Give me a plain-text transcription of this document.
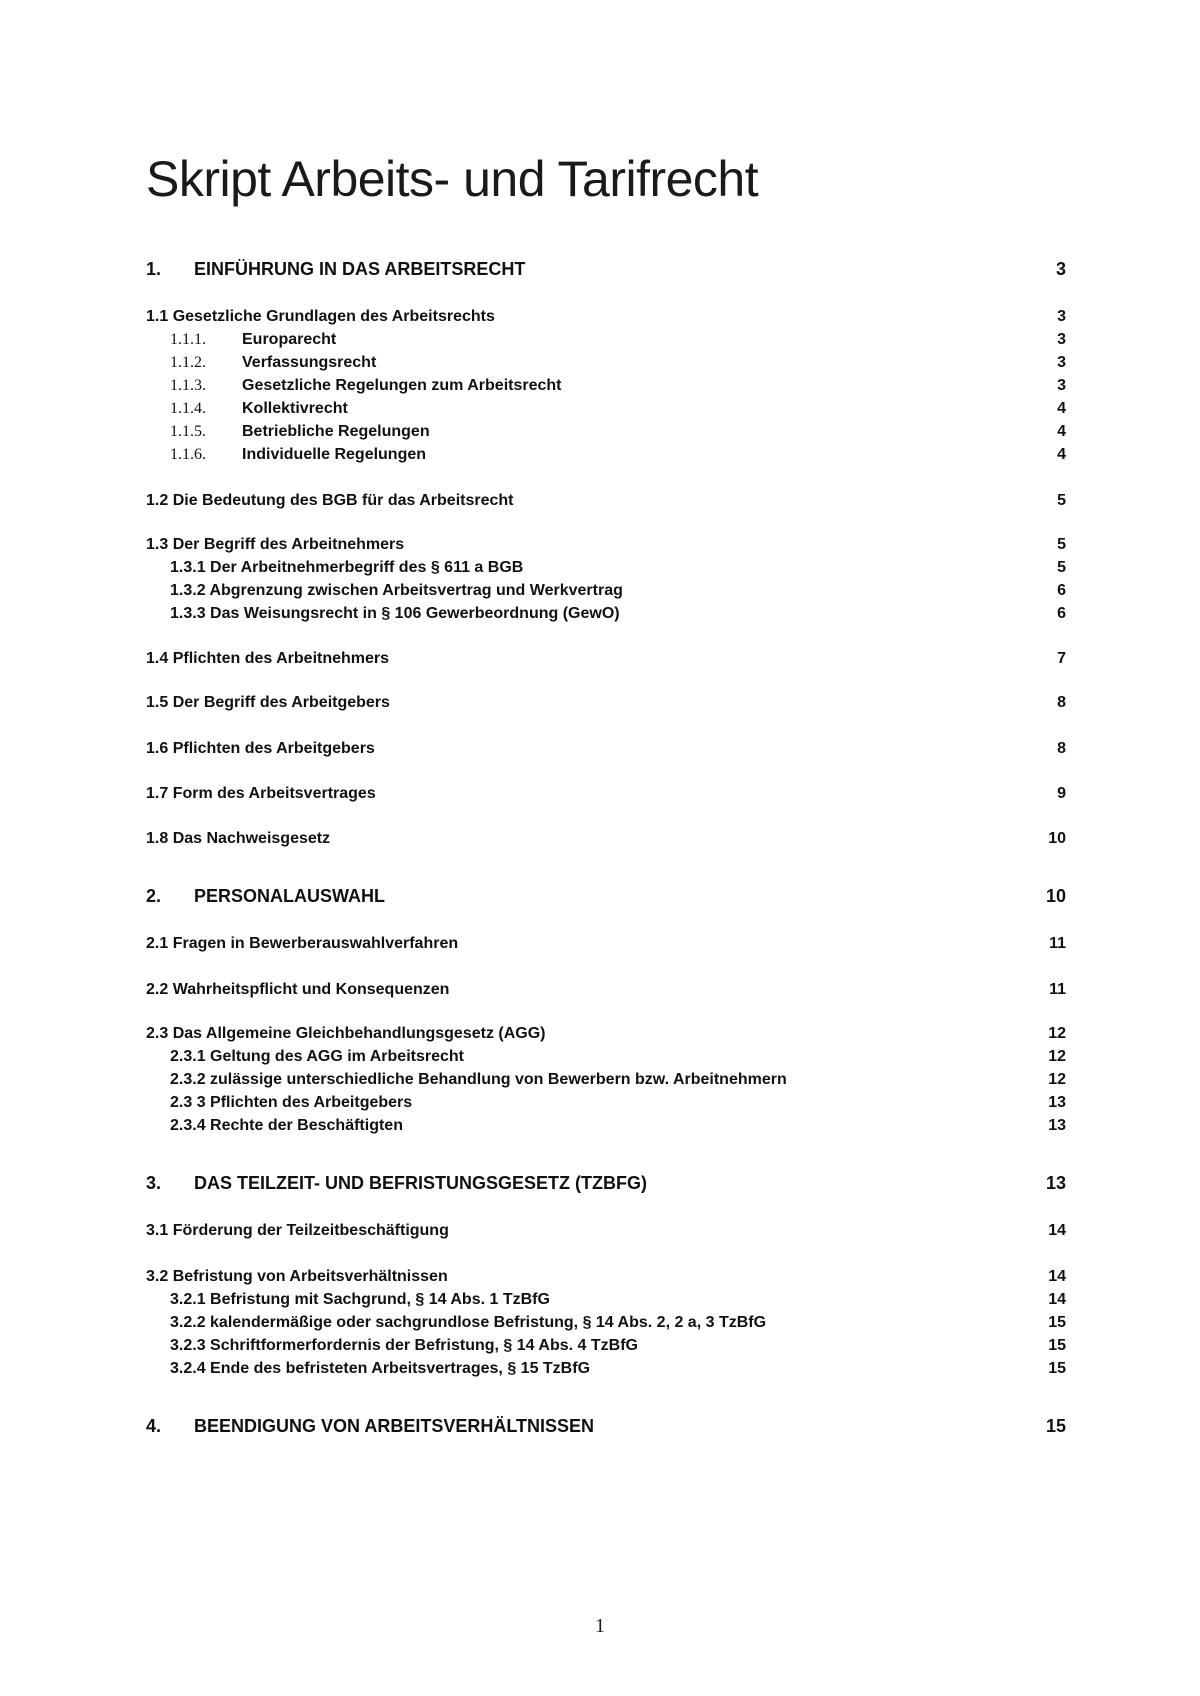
Skript Arbeits- und Tarifrecht
1. EINFÜHRUNG IN DAS ARBEITSRECHT	3
1.1 Gesetzliche Grundlagen des Arbeitsrechts	3
1.1.1. Europarecht	3
1.1.2. Verfassungsrecht	3
1.1.3. Gesetzliche Regelungen zum Arbeitsrecht	3
1.1.4. Kollektivrecht	4
1.1.5. Betriebliche Regelungen	4
1.1.6. Individuelle Regelungen	4
1.2 Die Bedeutung des BGB für das Arbeitsrecht	5
1.3 Der Begriff des Arbeitnehmers	5
1.3.1 Der Arbeitnehmerbegriff des § 611 a BGB	5
1.3.2 Abgrenzung zwischen Arbeitsvertrag und Werkvertrag	6
1.3.3 Das Weisungsrecht in § 106 Gewerbeordnung (GewO)	6
1.4 Pflichten des Arbeitnehmers	7
1.5 Der Begriff des Arbeitgebers	8
1.6 Pflichten des Arbeitgebers	8
1.7 Form des Arbeitsvertrages	9
1.8 Das Nachweisgesetz	10
2. PERSONALAUSWAHL	10
2.1 Fragen in Bewerberauswahlverfahren	11
2.2 Wahrheitspflicht und Konsequenzen	11
2.3 Das Allgemeine Gleichbehandlungsgesetz (AGG)	12
2.3.1 Geltung des AGG im Arbeitsrecht	12
2.3.2 zulässige unterschiedliche Behandlung von Bewerbern bzw. Arbeitnehmern	12
2.3 3 Pflichten des Arbeitgebers	13
2.3.4 Rechte der Beschäftigten	13
3. DAS TEILZEIT- UND BEFRISTUNGSGESETZ (TZBFG)	13
3.1 Förderung der Teilzeitbeschäftigung	14
3.2 Befristung von Arbeitsverhältnissen	14
3.2.1 Befristung mit Sachgrund, § 14 Abs. 1 TzBfG	14
3.2.2 kalendermäßige oder sachgrundlose Befristung, § 14 Abs. 2, 2 a, 3 TzBfG	15
3.2.3 Schriftformerfordernis der Befristung, § 14 Abs. 4 TzBfG	15
3.2.4 Ende des befristeten Arbeitsvertrages, § 15 TzBfG	15
4. BEENDIGUNG VON ARBEITSVERHÄLTNISSEN	15
1
